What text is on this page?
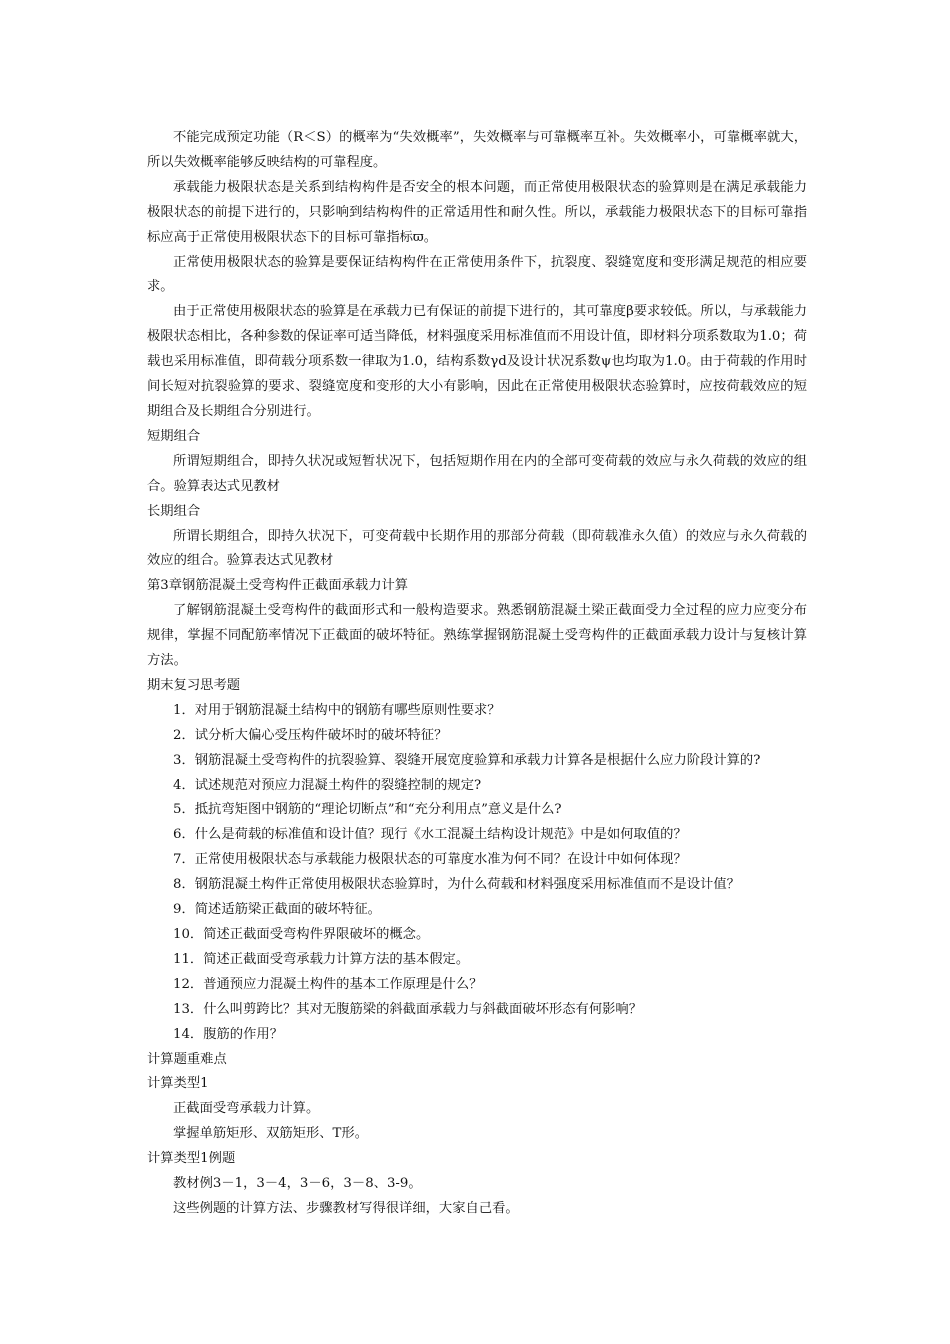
不能完成预定功能（R＜S）的概率为“失效概率”，失效概率与可靠概率互补。失效概率小，可靠概率就大，所以失效概率能够反映结构的可靠程度。

承载能力极限状态是关系到结构构件是否安全的根本问题，而正常使用极限状态的验算则是在满足承载能力极限状态的前提下进行的，只影响到结构构件的正常适用性和耐久性。所以，承载能力极限状态下的目标可靠指标应高于正常使用极限状态下的目标可靠指标ϖ。

正常使用极限状态的验算是要保证结构构件在正常使用条件下，抗裂度、裂缝宽度和变形满足规范的相应要求。

由于正常使用极限状态的验算是在承载力已有保证的前提下进行的，其可靠度β要求较低。所以，与承载能力极限状态相比，各种参数的保证率可适当降低，材料强度采用标准值而不用设计值，即材料分项系数取为1.0；荷载也采用标准值，即荷载分项系数一律取为1.0，结构系数γd及设计状况系数ψ也均取为1.0。由于荷载的作用时间长短对抗裂验算的要求、裂缝宽度和变形的大小有影响，因此在正常使用极限状态验算时，应按荷载效应的短期组合及长期组合分别进行。

短期组合

所谓短期组合，即持久状况或短暂状况下，包括短期作用在内的全部可变荷载的效应与永久荷载的效应的组合。验算表达式见教材

长期组合

所谓长期组合，即持久状况下，可变荷载中长期作用的那部分荷载（即荷载准永久值）的效应与永久荷载的效应的组合。验算表达式见教材

第3章钢筋混凝土受弯构件正截面承载力计算

了解钢筋混凝土受弯构件的截面形式和一般构造要求。熟悉钢筋混凝土梁正截面受力全过程的应力应变分布规律，掌握不同配筋率情况下正截面的破坏特征。熟练掌握钢筋混凝土受弯构件的正截面承载力设计与复核计算方法。

期末复习思考题

1．对用于钢筋混凝土结构中的钢筋有哪些原则性要求？

2．试分析大偏心受压构件破坏时的破坏特征？

3．钢筋混凝土受弯构件的抗裂验算、裂缝开展宽度验算和承载力计算各是根据什么应力阶段计算的?

4．试述规范对预应力混凝土构件的裂缝控制的规定?

5．抵抗弯矩图中钢筋的“理论切断点”和“充分利用点”意义是什么?

6．什么是荷载的标准值和设计值？现行《水工混凝土结构设计规范》中是如何取值的？

7．正常使用极限状态与承载能力极限状态的可靠度水准为何不同？在设计中如何体现？

8．钢筋混凝土构件正常使用极限状态验算时，为什么荷载和材料强度采用标准值而不是设计值？

9．简述适筋梁正截面的破坏特征。

10．简述正截面受弯构件界限破坏的概念。

11．简述正截面受弯承载力计算方法的基本假定。

12．普通预应力混凝土构件的基本工作原理是什么？

13．什么叫剪跨比？其对无腹筋梁的斜截面承载力与斜截面破坏形态有何影响？

14．腹筋的作用？

计算题重难点

计算类型1

正截面受弯承载力计算。

掌握单筋矩形、双筋矩形、T形。

计算类型1例题

教材例3－1，3－4，3－6，3－8、3-9。

这些例题的计算方法、步骤教材写得很详细，大家自己看。
